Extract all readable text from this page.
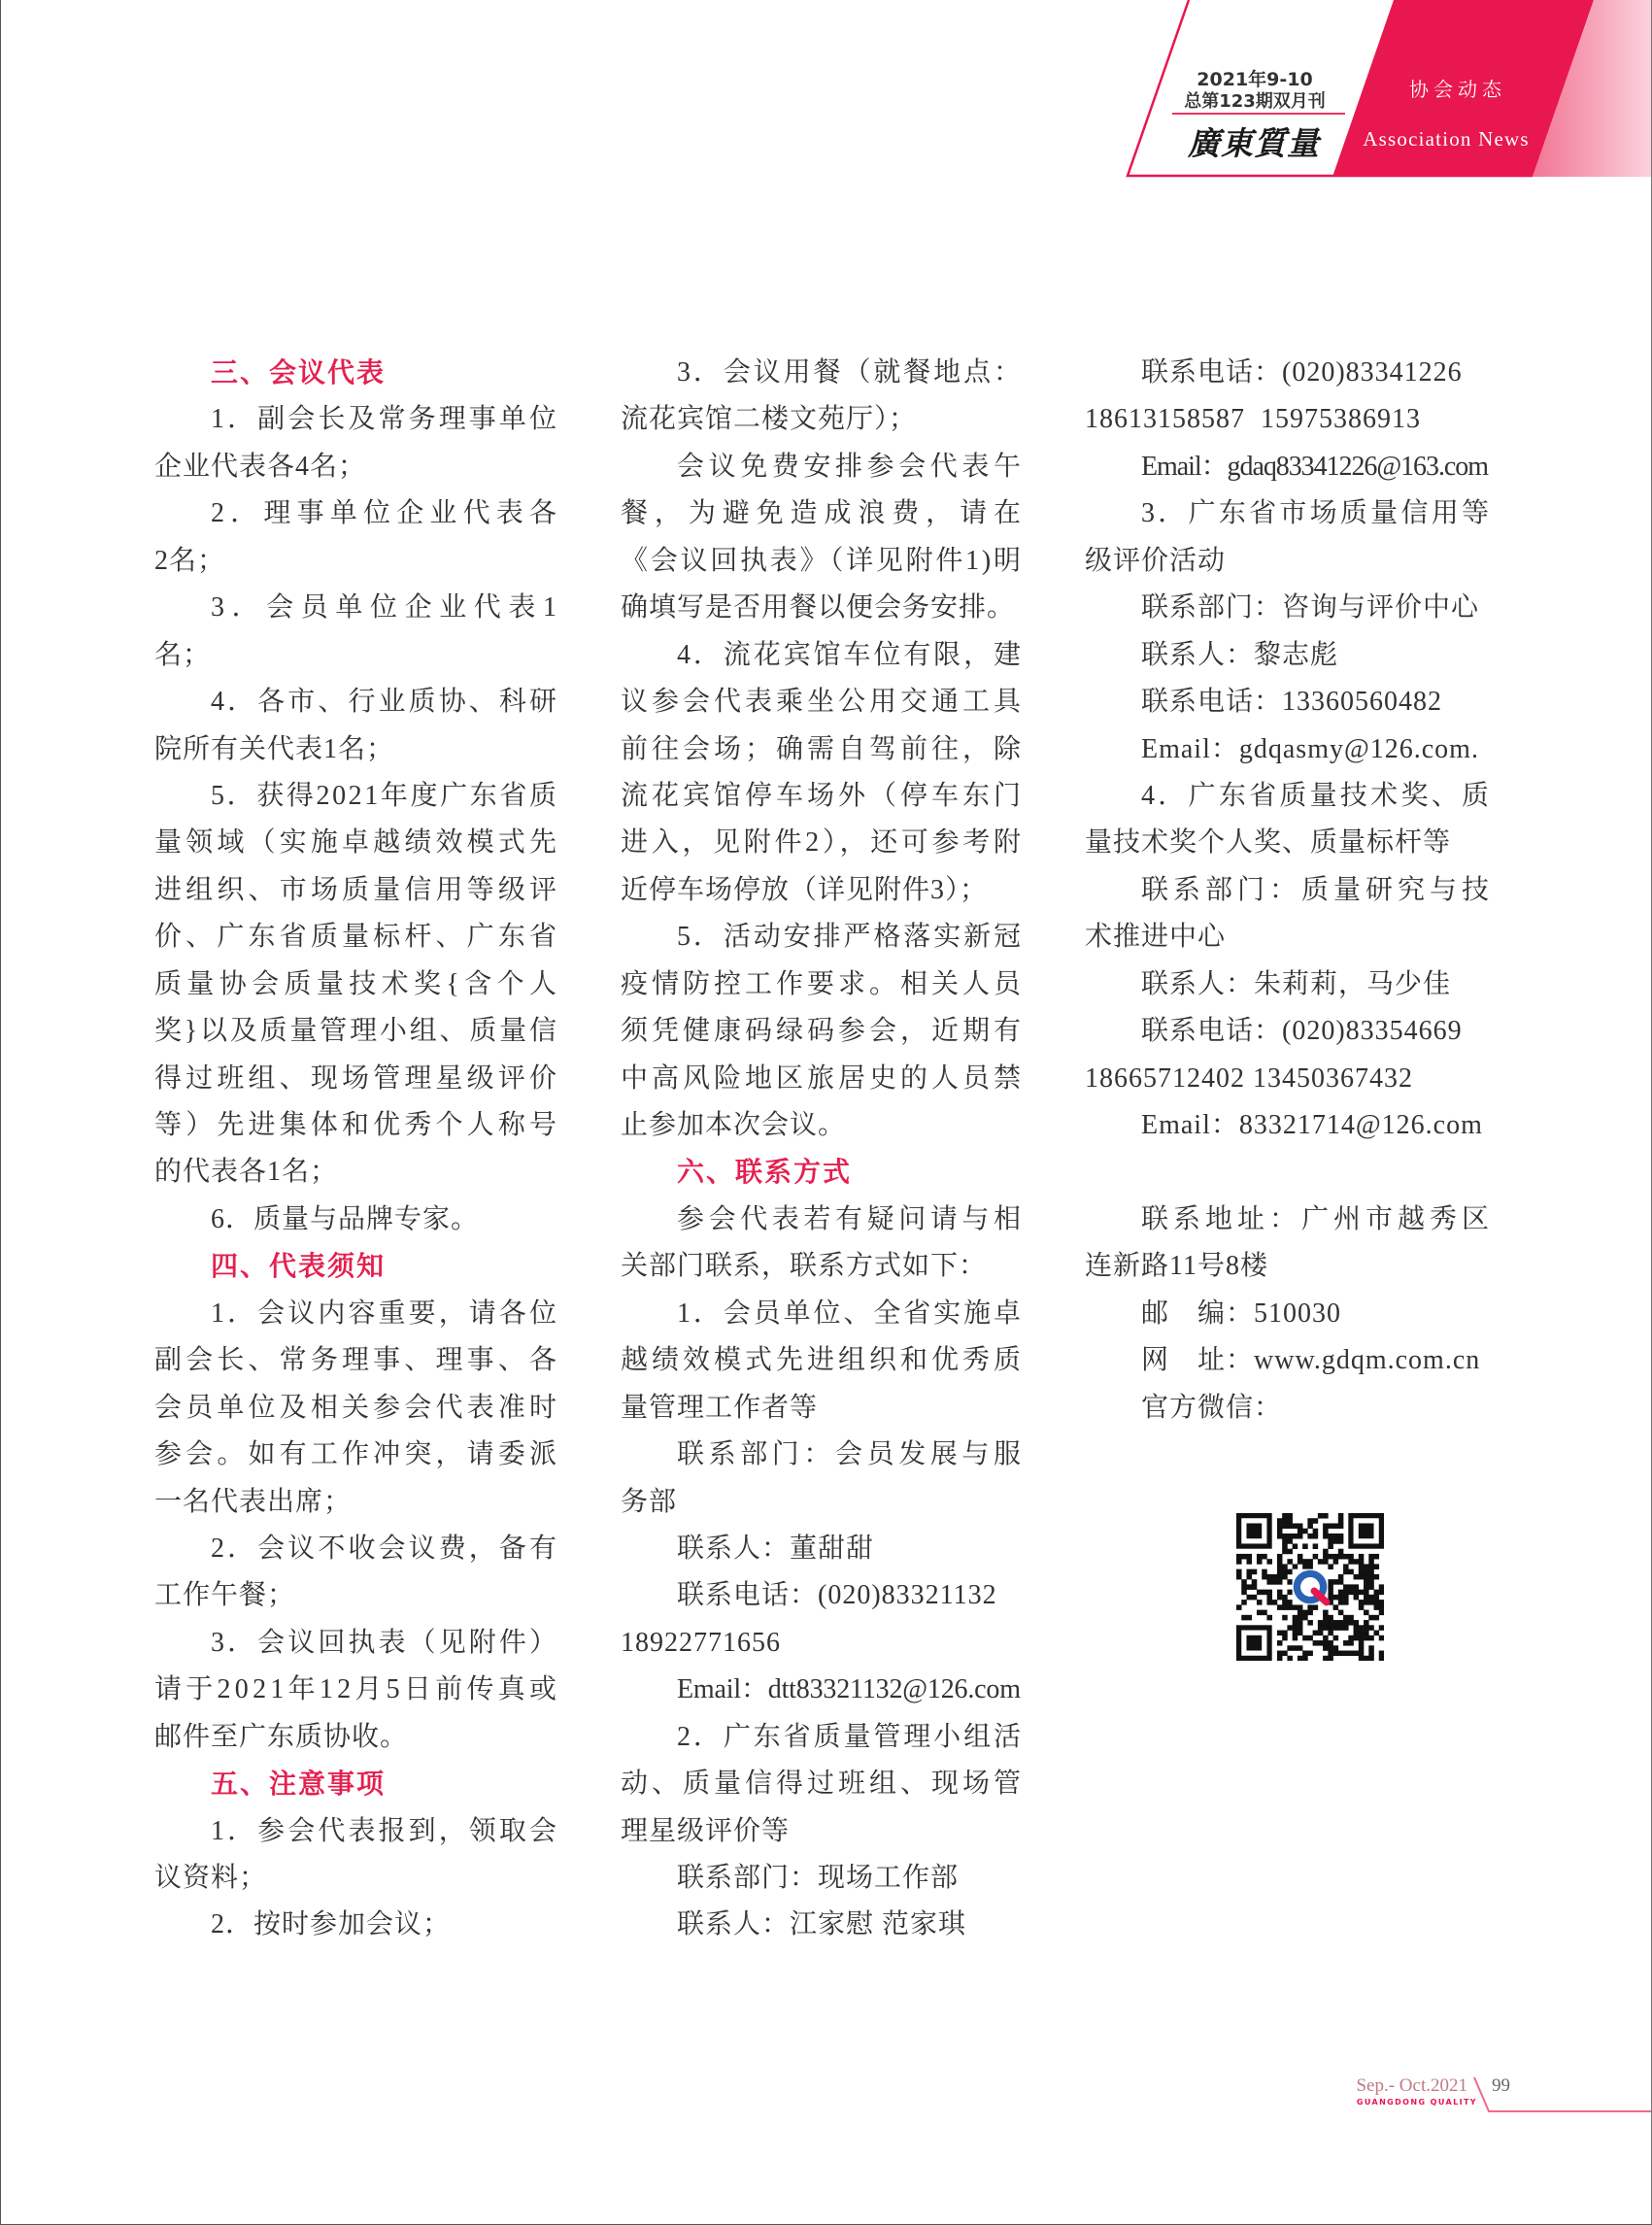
2021年9-10
总第123期双月刊
廣東質量
协会动态
Association News
三、会议代表
1．副会长及常务理事单位
企业代表各4名；
2．理事单位企业代表各
2名；
3．会员单位企业代表1
名；
4．各市、行业质协、科研
院所有关代表1名；
5．获得2021年度广东省质
量领域（实施卓越绩效模式先
进组织、市场质量信用等级评
价、广东省质量标杆、广东省
质量协会质量技术奖{含个人
奖}以及质量管理小组、质量信
得过班组、现场管理星级评价
等）先进集体和优秀个人称号
的代表各1名；
6．质量与品牌专家。
四、代表须知
1．会议内容重要，请各位
副会长、常务理事、理事、各
会员单位及相关参会代表准时
参会。如有工作冲突，请委派
一名代表出席；
2．会议不收会议费，备有
工作午餐；
3．会议回执表（见附件）
请于2021年12月5日前传真或
邮件至广东质协收。
五、注意事项
1．参会代表报到，领取会
议资料；
2．按时参加会议；
3．会议用餐（就餐地点：
流花宾馆二楼文苑厅）；
会议免费安排参会代表午
餐，为避免造成浪费，请在
《会议回执表》（详见附件1)明
确填写是否用餐以便会务安排。
4．流花宾馆车位有限，建
议参会代表乘坐公用交通工具
前往会场；确需自驾前往，除
流花宾馆停车场外（停车东门
进入，见附件2），还可参考附
近停车场停放（详见附件3）；
5．活动安排严格落实新冠
疫情防控工作要求。相关人员
须凭健康码绿码参会，近期有
中高风险地区旅居史的人员禁
止参加本次会议。
六、联系方式
参会代表若有疑问请与相
关部门联系，联系方式如下：
1．会员单位、全省实施卓
越绩效模式先进组织和优秀质
量管理工作者等
联系部门：会员发展与服
务部
联系人：董甜甜
联系电话：(020)83321132
18922771656
Email：dtt83321132@126.com
2．广东省质量管理小组活
动、质量信得过班组、现场管
理星级评价等
联系部门：现场工作部
联系人：江家慰 范家琪
联系电话：(020)83341226
18613158587  15975386913
Email：gdaq83341226@163.com
3．广东省市场质量信用等
级评价活动
联系部门：咨询与评价中心
联系人：黎志彪
联系电话：13360560482
Email：gdqasmy@126.com.
4．广东省质量技术奖、质
量技术奖个人奖、质量标杆等
联系部门：质量研究与技
术推进中心
联系人：朱莉莉，马少佳
联系电话：(020)83354669
18665712402 13450367432
Email：83321714@126.com
联系地址：广州市越秀区
连新路11号8楼
邮　编：510030
网　址：www.gdqm.com.cn
官方微信：
Sep.- Oct.2021
GUANGDONG QUALITY
99
